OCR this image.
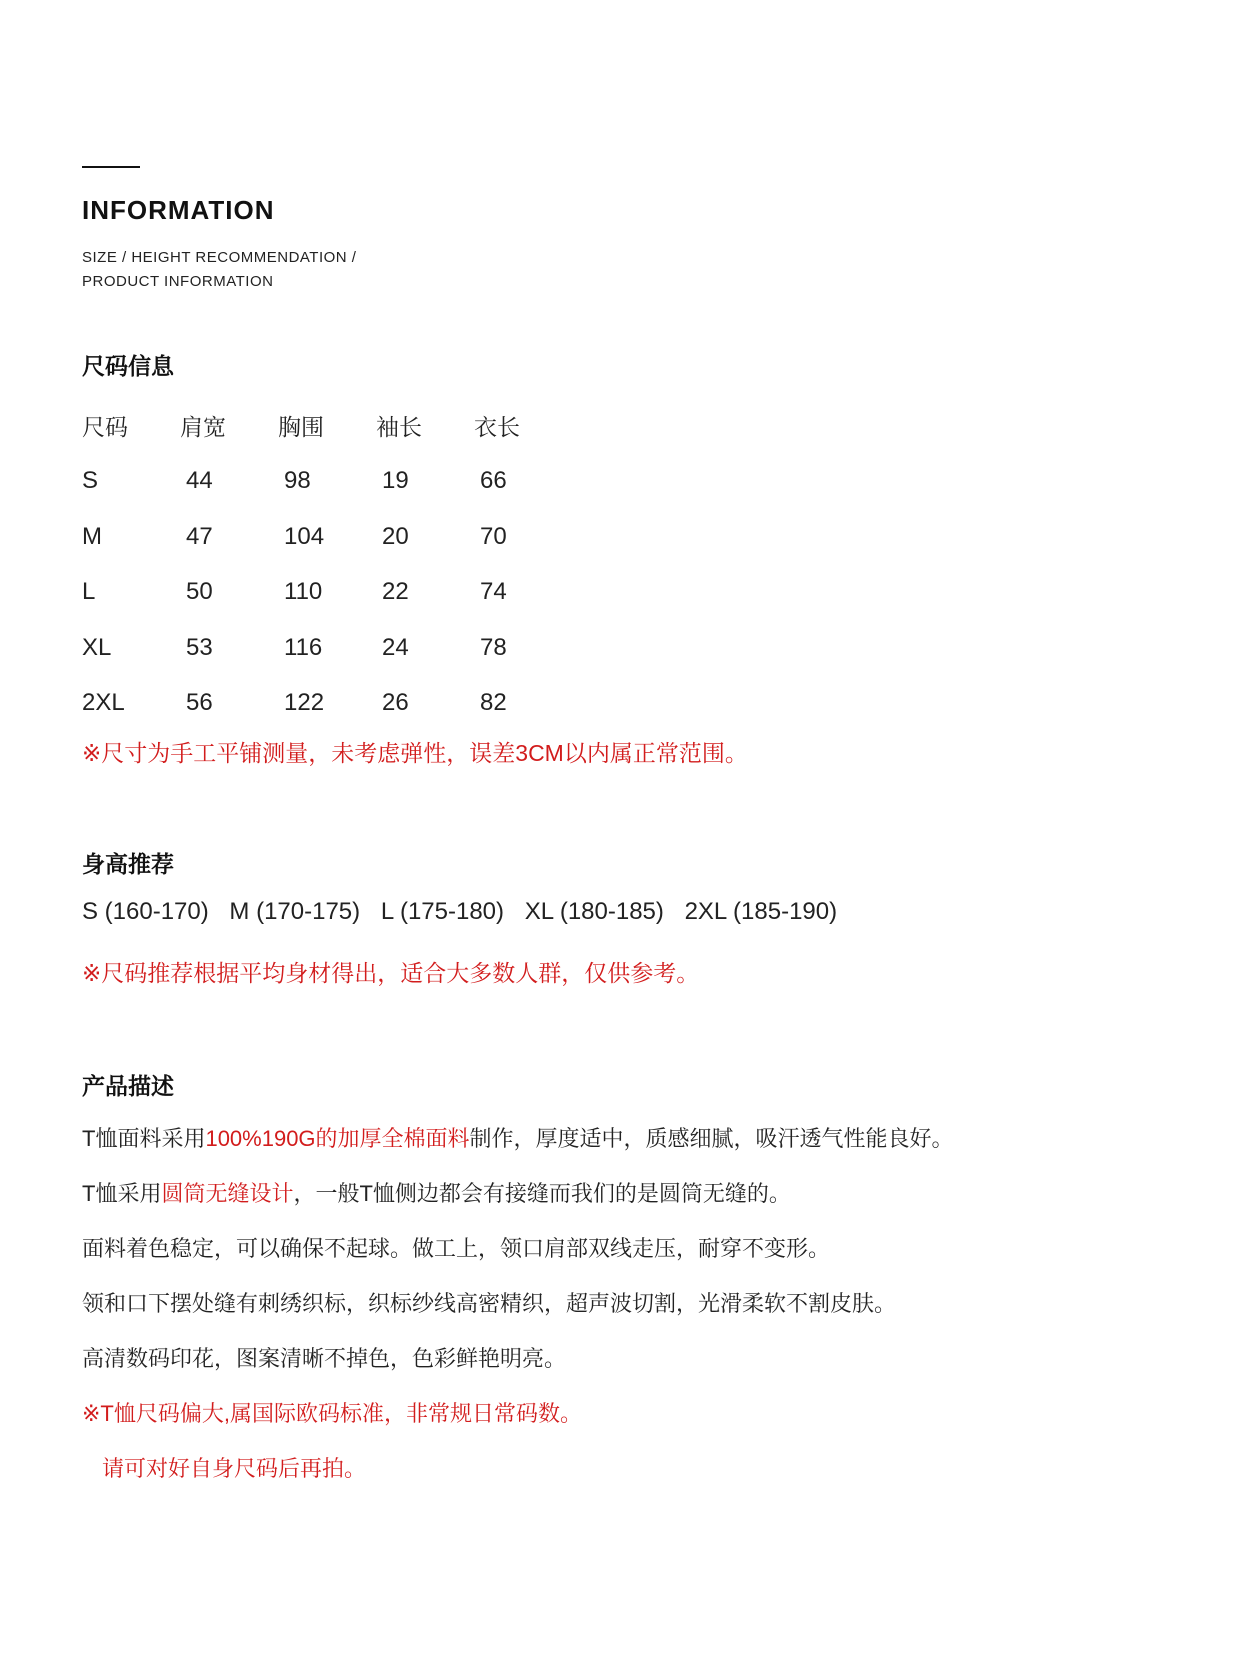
INFORMATION
SIZE / HEIGHT RECOMMENDATION /
PRODUCT INFORMATION
尺码信息
尺码	肩宽	胸围	袖长	衣长
S	44	98	19	66
M	47	104	20	70
L	50	110	22	74
XL	53	116	24	78
2XL	56	122	26	82
※尺寸为手工平铺测量，未考虑弹性，误差3CM以内属正常范围。
身高推荐
S (160-170) M (170-175) L (175-180) XL (180-185) 2XL (185-190)
※尺码推荐根据平均身材得出，适合大多数人群，仅供参考。
产品描述
T恤面料采用100%190G的加厚全棉面料制作，厚度适中，质感细腻，吸汗透气性能良好。
T恤采用圆筒无缝设计，一般T恤侧边都会有接缝而我们的是圆筒无缝的。
面料着色稳定，可以确保不起球。做工上，领口肩部双线走压，耐穿不变形。
领和口下摆处缝有刺绣织标，织标纱线高密精织，超声波切割，光滑柔软不割皮肤。
高清数码印花，图案清晰不掉色，色彩鲜艳明亮。
※T恤尺码偏大,属国际欧码标准，非常规日常码数。
请可对好自身尺码后再拍。
